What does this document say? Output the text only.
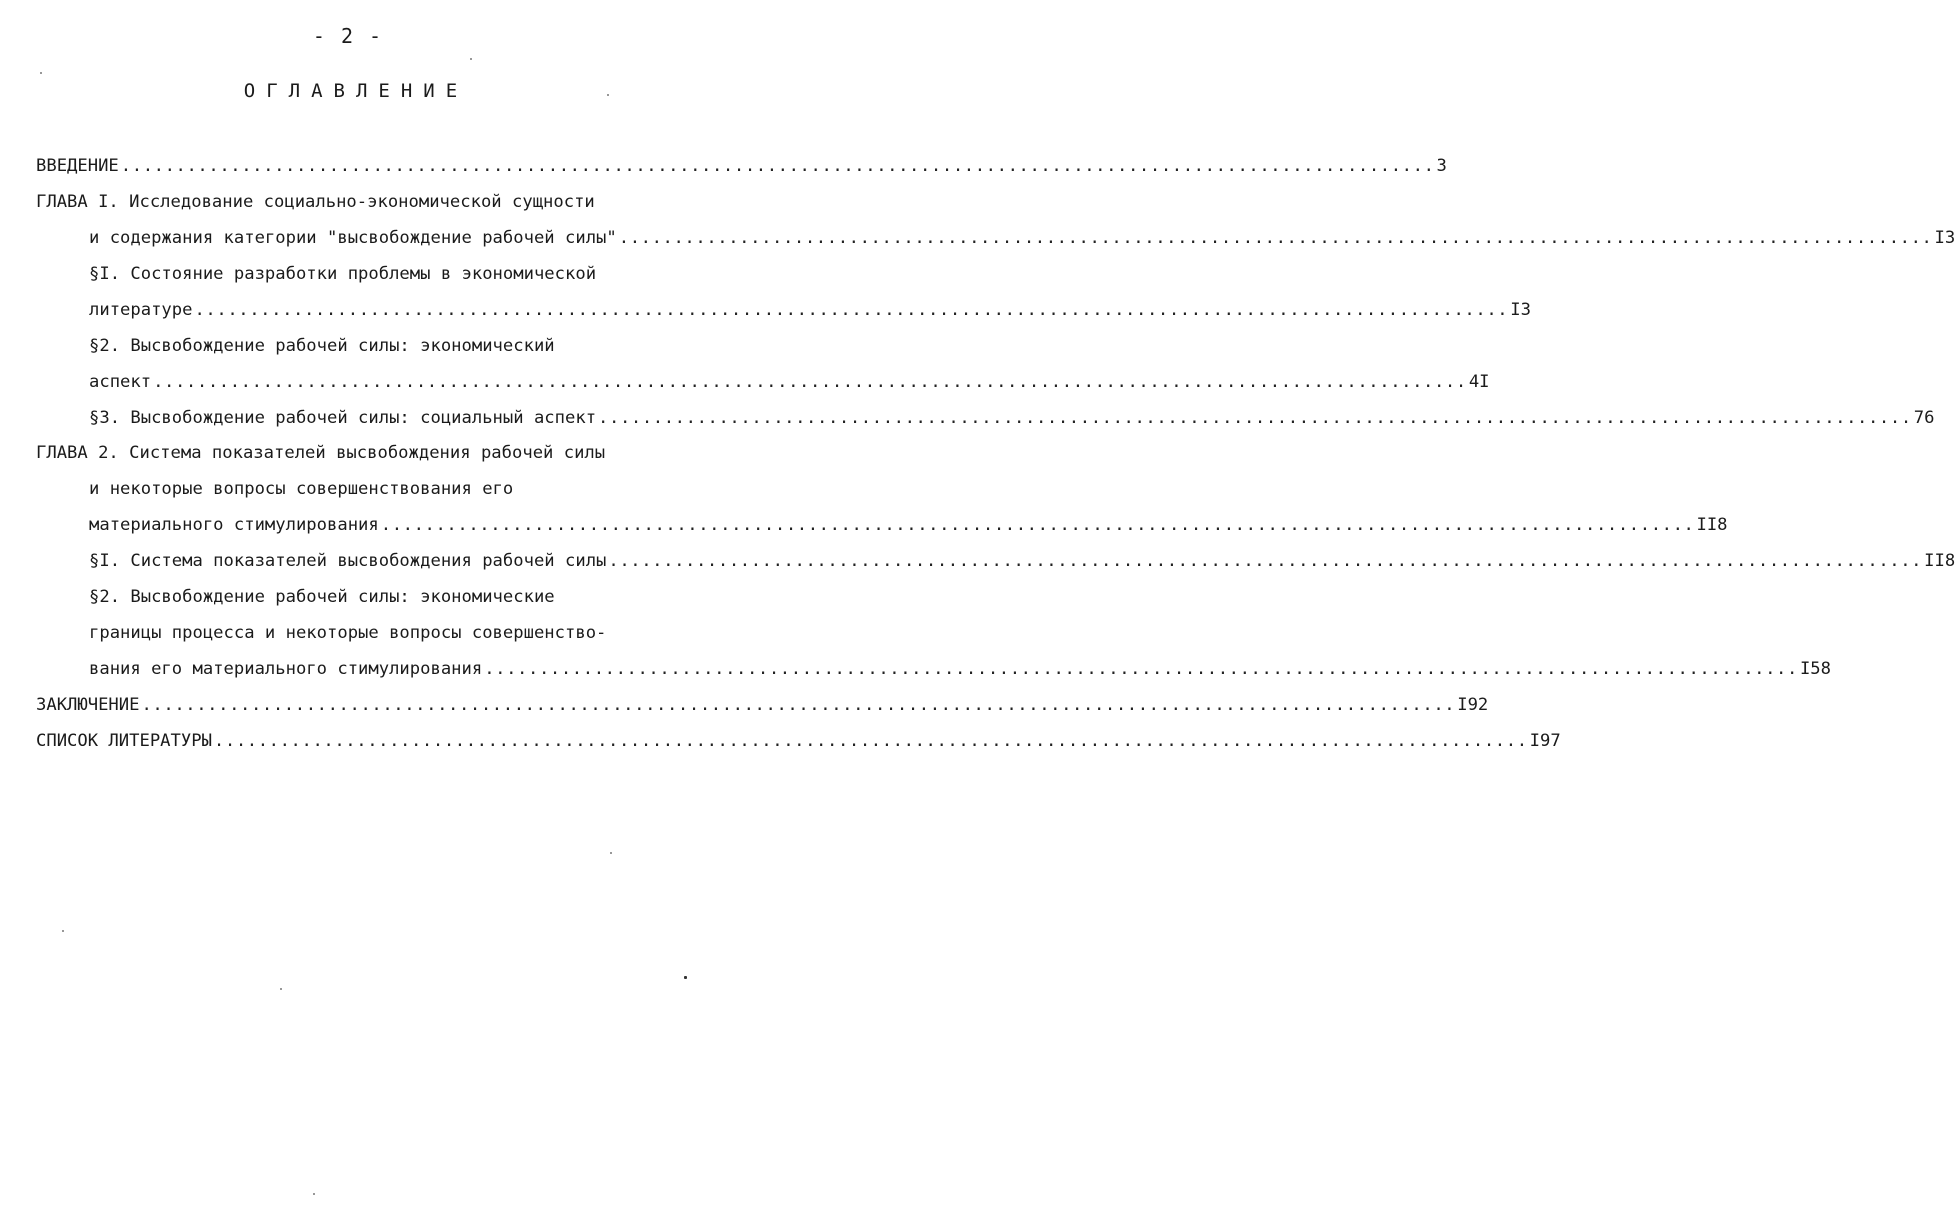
- 2 -
ОГЛАВЛЕНИЕ
ВВЕДЕНИЕ ........................................................................................................................ 3
ГЛАВА I. Исследование социально-экономической сущности
и содержания категории "высвобождение рабочей силы" ........................................................................................................................ I3
§I. Состояние разработки проблемы в экономической
литературе ........................................................................................................................ I3
§2. Высвобождение рабочей силы: экономический
аспект ........................................................................................................................ 4I
§3. Высвобождение рабочей силы: социальный аспект ........................................................................................................................ 76
ГЛАВА 2. Система показателей высвобождения рабочей силы
и некоторые вопросы совершенствования его
материального стимулирования ........................................................................................................................ II8
§I. Система показателей высвобождения рабочей силы ........................................................................................................................ II8
§2. Высвобождение рабочей силы: экономические
границы процесса и некоторые вопросы совершенство-
вания его материального стимулирования ........................................................................................................................ I58
ЗАКЛЮЧЕНИЕ ........................................................................................................................ I92
СПИСОК ЛИТЕРАТУРЫ ........................................................................................................................ I97
